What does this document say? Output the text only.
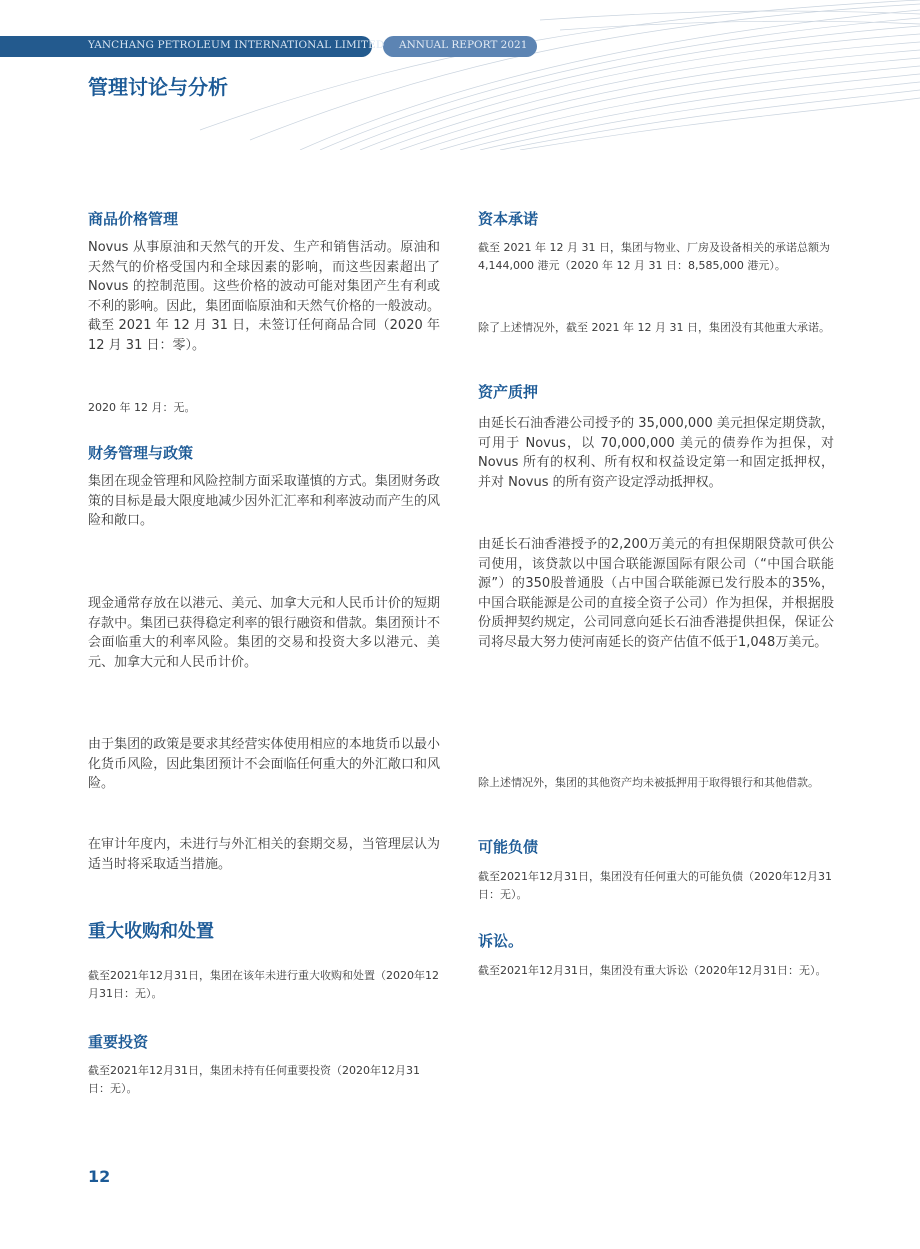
YANCHANG PETROLEUM INTERNATIONAL LIMITED ANNUAL REPORT 2021
管理讨论与分析
商品价格管理

Novus 从事原油和天然气的开发、生产和销售活动。原油和天然气的价格受国内和全球因素的影响，而这些因素超出了 Novus 的控制范围。这些价格的波动可能对集团产生有利或不利的影响。因此，集团面临原油和天然气价格的一般波动。截至 2021 年 12 月 31 日，未签订任何商品合同（2020 年 12 月 31 日：零）。

2020 年 12 月：无。

财务管理与政策

集团在现金管理和风险控制方面采取谨慎的方式。集团财务政策的目标是最大限度地减少因外汇汇率和利率波动而产生的风险和敞口。

现金通常存放在以港元、美元、加拿大元和人民币计价的短期存款中。集团已获得稳定利率的银行融资和借款。集团预计不会面临重大的利率风险。集团的交易和投资大多以港元、美元、加拿大元和人民币计价。

由于集团的政策是要求其经营实体使用相应的本地货币以最小化货币风险，因此集团预计不会面临任何重大的外汇敞口和风险。

在审计年度内，未进行与外汇相关的套期交易，当管理层认为适当时将采取适当措施。

重大收购和处置

截至2021年12月31日，集团在该年未进行重大收购和处置（2020年12月31日：无）。

重要投资

截至2021年12月31日，集团未持有任何重要投资（2020年12月31日：无）。

资本承诺

截至 2021 年 12 月 31 日，集团与物业、厂房及设备相关的承诺总额为 4,144,000 港元（2020 年 12 月 31 日：8,585,000 港元）。

除了上述情况外，截至 2021 年 12 月 31 日，集团没有其他重大承诺。

资产质押

由延长石油香港公司授予的 35,000,000 美元担保定期贷款，可用于 Novus，以 70,000,000 美元的债券作为担保，对 Novus 所有的权利、所有权和权益设定第一和固定抵押权，并对 Novus 的所有资产设定浮动抵押权。

由延长石油香港授予的2,200万美元的有担保期限贷款可供公司使用，该贷款以中国合联能源国际有限公司（“中国合联能源”）的350股普通股（占中国合联能源已发行股本的35%，中国合联能源是公司的直接全资子公司）作为担保，并根据股份质押契约规定，公司同意向延长石油香港提供担保，保证公司将尽最大努力使河南延长的资产估值不低于1,048万美元。

除上述情况外，集团的其他资产均未被抵押用于取得银行和其他借款。

可能负债

截至2021年12月31日，集团没有任何重大的可能负债（2020年12月31日：无）。

诉讼。

截至2021年12月31日，集团没有重大诉讼（2020年12月31日：无）。

12
